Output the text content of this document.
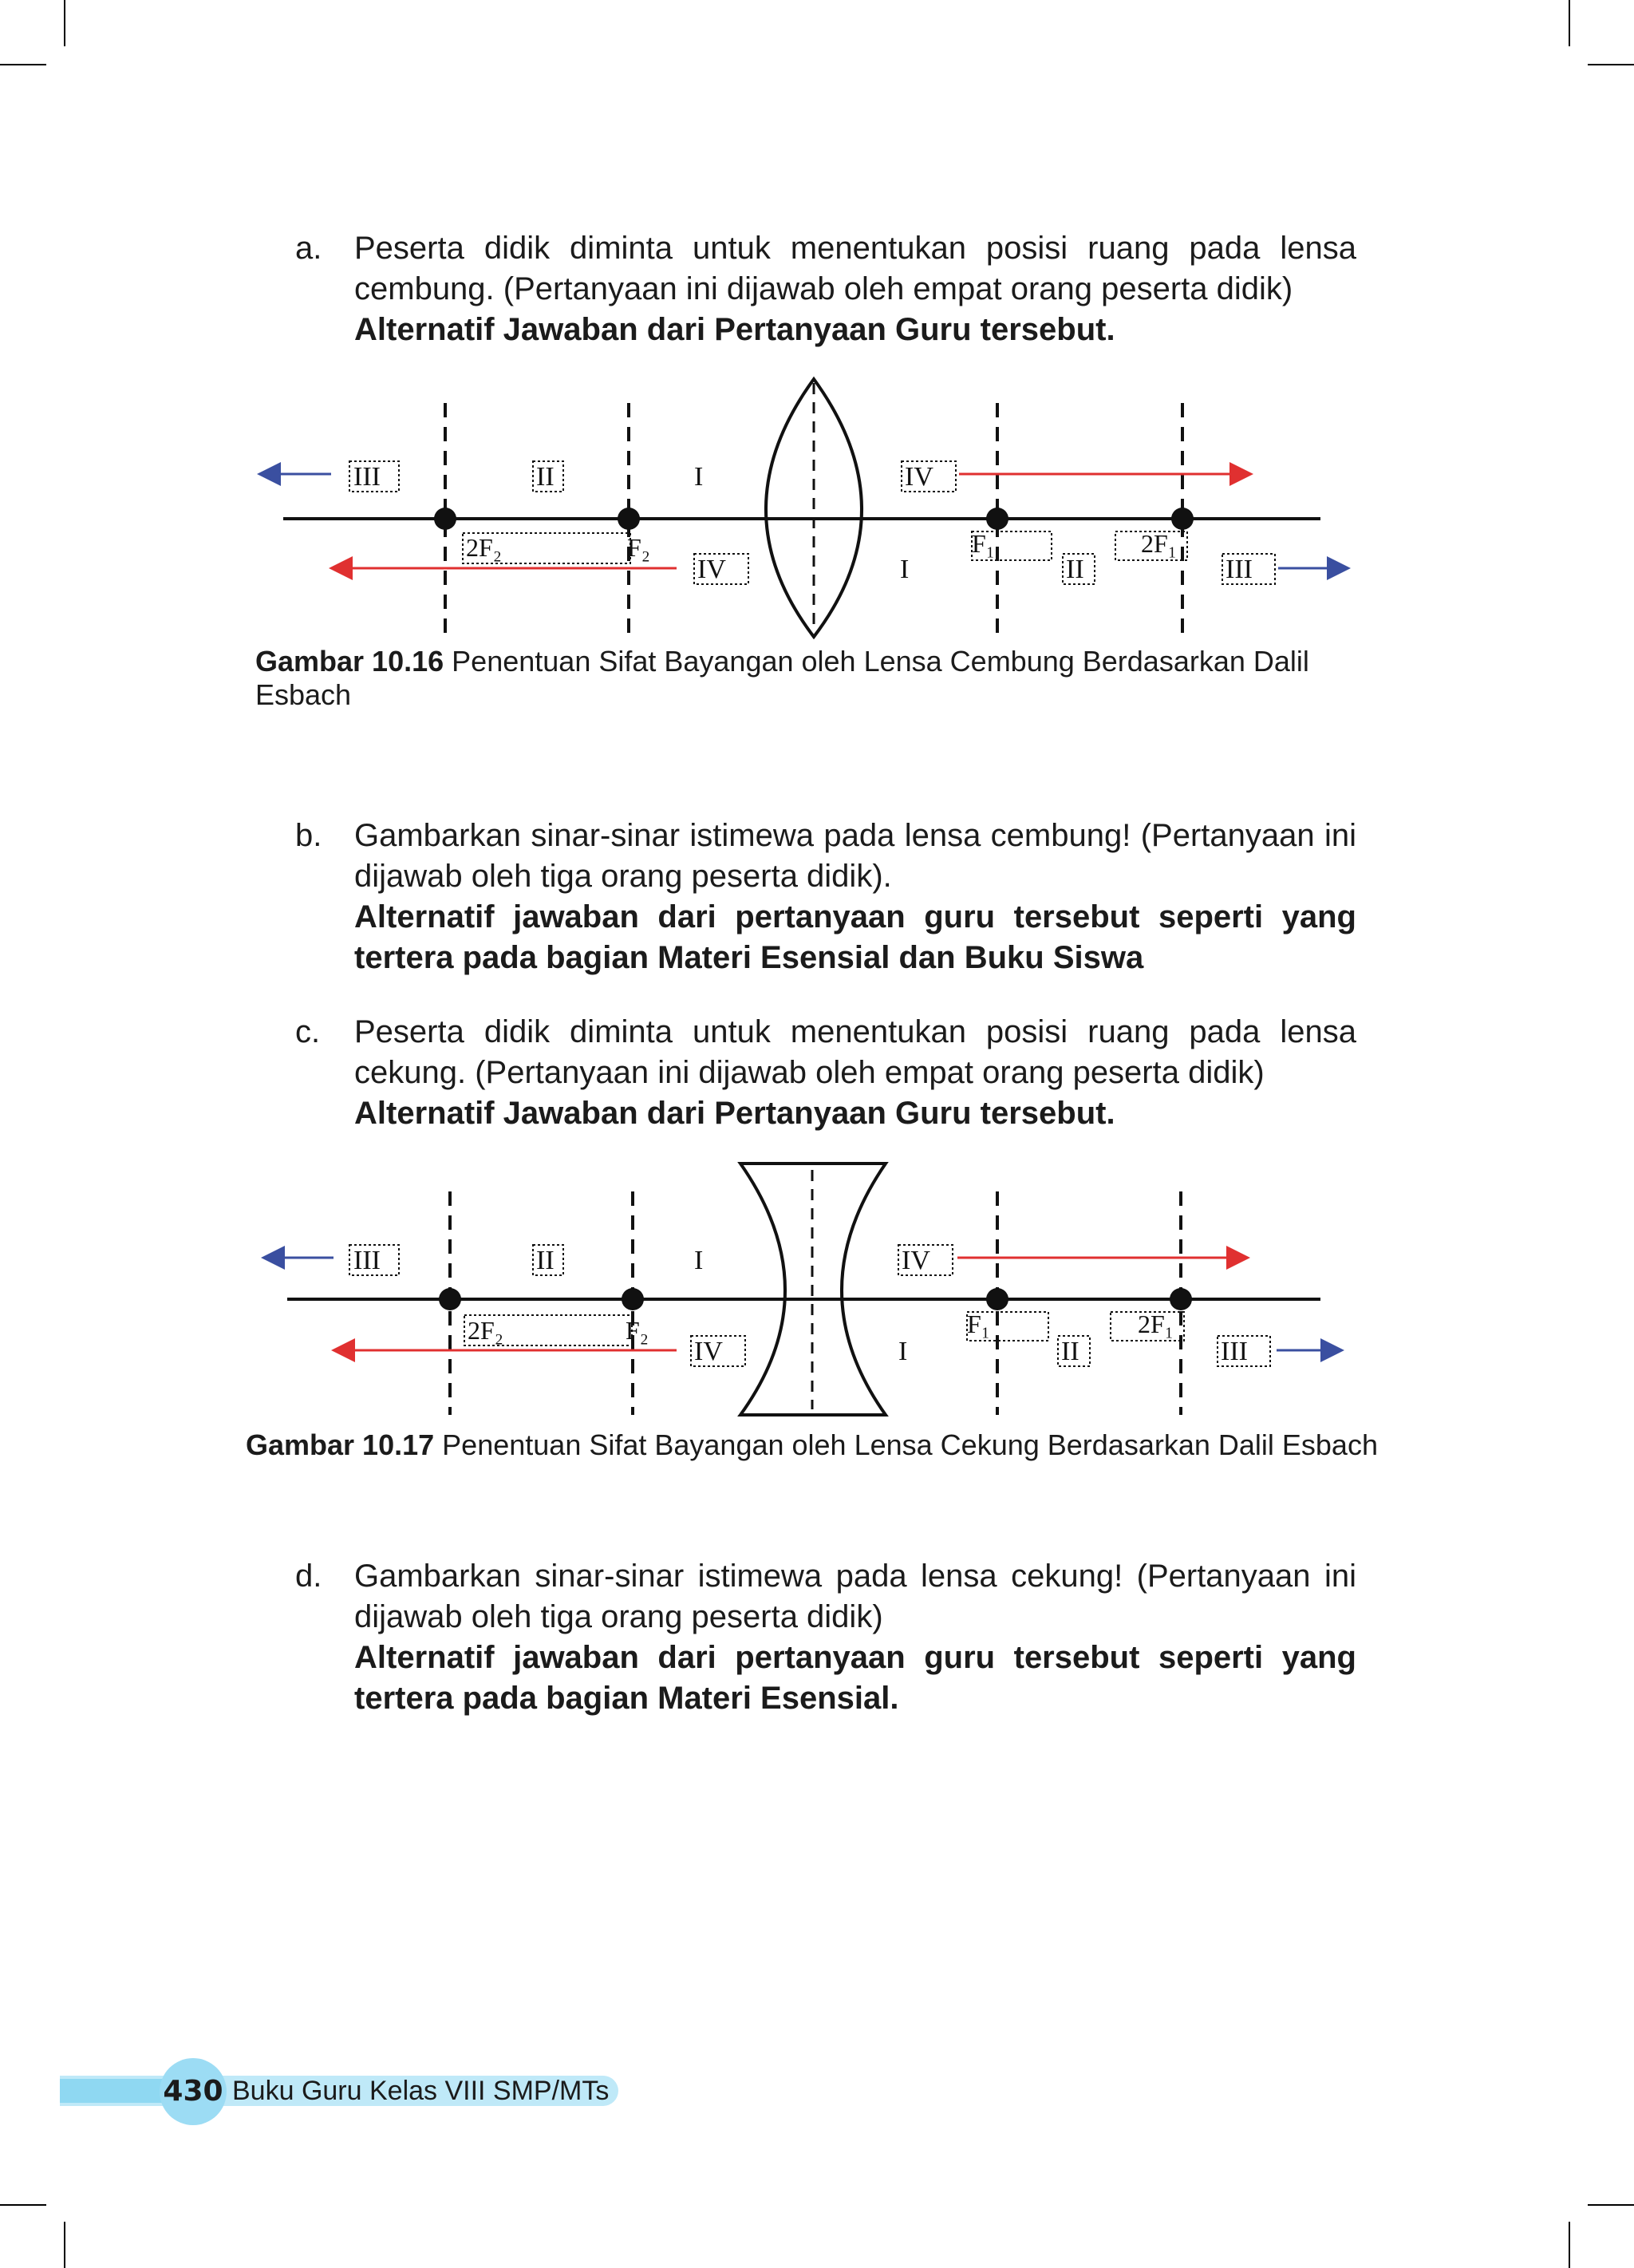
a. Peserta didik diminta untuk menentukan posisi ruang pada lensa cembung. (Pertanyaan ini dijawab oleh empat orang peserta didik)

Alternatif Jawaban dari Pertanyaan Guru tersebut.

III	II	I	IV
2F₂	F₂
IV	I
F₁
II
2F₁
III
Gambar 10.16 Penentuan Sifat Bayangan oleh Lensa Cembung Berdasarkan Dalil Esbach
b. Gambarkan sinar-sinar istimewa pada lensa cembung! (Pertanyaan ini dijawab oleh tiga orang peserta didik).

Alternatif jawaban dari pertanyaan guru tersebut seperti yang tertera pada bagian Materi Esensial dan Buku Siswa

c. Peserta didik diminta untuk menentukan posisi ruang pada lensa cekung. (Pertanyaan ini dijawab oleh empat orang peserta didik)

Alternatif Jawaban dari Pertanyaan Guru tersebut.

III	II	I	IV
2F₂	F₂
IV	I
F₁
II
2F₁
III
Gambar 10.17 Penentuan Sifat Bayangan oleh Lensa Cekung Berdasarkan Dalil Esbach
d. Gambarkan sinar-sinar istimewa pada lensa cekung! (Pertanyaan ini dijawab oleh tiga orang peserta didik)

Alternatif jawaban dari pertanyaan guru tersebut seperti yang tertera pada bagian Materi Esensial.

430 Buku Guru Kelas VIII SMP/MTs
